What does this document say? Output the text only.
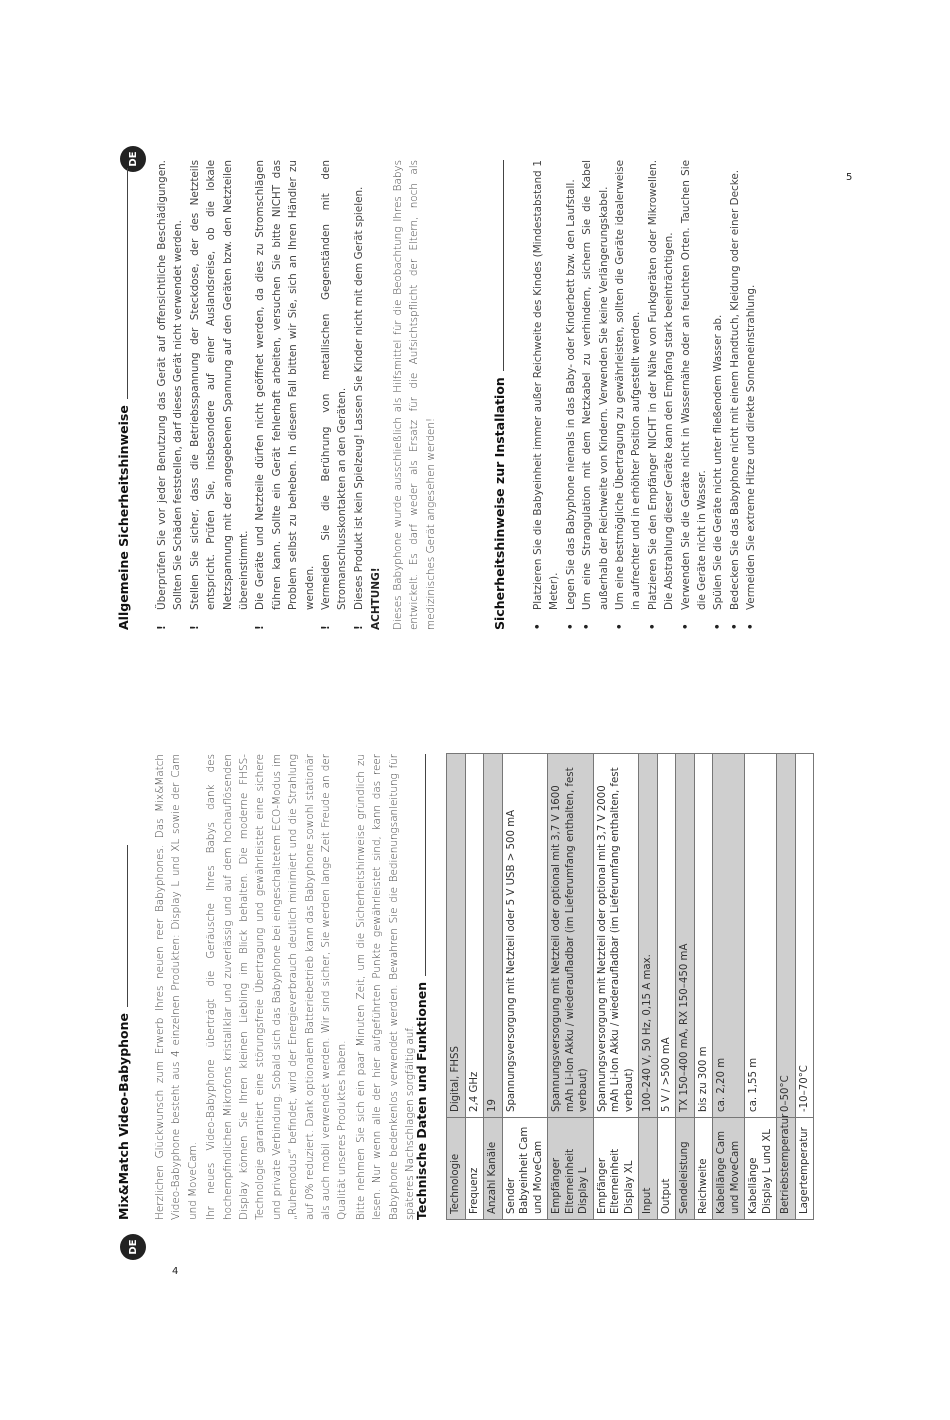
4
5
DE
Mix&Match Video-Babyphone Herzlichen Glückwunsch zum Erwerb Ihres neuen reer Babyphones. Das Mix&Match Video-Babyphone besteht aus 4 einzelnen Produkten: Display L und XL sowie der Cam und MoveCam. Ihr neues Video-Babyphone überträgt die Geräusche Ihres Babys dank des hochempfindlichen Mikrofons kristallklar und zuverlässig und auf dem hochauflösenden Display können Sie Ihren kleinen Liebling im Blick behalten. Die moderne FHSS-Technologie garantiert eine störungsfreie Übertragung und gewährleistet eine sichere und private Verbindung. Sobald sich das Babyphone bei eingeschaltetem ECO-Modus im „Ruhemodus“ befindet, wird der Energieverbrauch deutlich minimiert und die Strahlung auf 0% reduziert. Dank optionalem Batteriebetrieb kann das Babyphone sowohl stationär als auch mobil verwendet werden. Wir sind sicher, Sie werden lange Zeit Freude an der Qualität unseres Produktes haben. Bitte nehmen Sie sich ein paar Minuten Zeit, um die Sicherheitshinweise gründlich zu lesen. Nur wenn alle der hier aufgeführten Punkte gewährleistet sind, kann das reer Babyphone bedenkenlos verwendet werden. Bewahren Sie die Bedienungsanleitung für späteres Nachschlagen sorgfältig auf.

Technische Daten und Funktionen Technologie	Digital, FHSS
Frequenz	2,4 GHz
Anzahl Kanäle	19
Sender Babyeinheit Cam und MoveCam	Spannungsversorgung mit Netzteil oder 5 V USB > 500 mA
Empfänger Elterneinheit Display L	Spannungsversorgung mit Netzteil oder optional mit 3,7 V 1600 mAh Li-Ion Akku / wiederaufladbar (im Lieferumfang enthalten, fest verbaut)
Empfänger Elterneinheit Display XL	Spannungsversorgung mit Netzteil oder optional mit 3,7 V 2000 mAh Li-Ion Akku / wiederaufladbar (im Lieferumfang enthalten, fest verbaut)
Input	100–240 V, 50 Hz, 0,15 A max.
Output	5 V / >500 mA
Sendeleistung	TX 150–400 mA, RX 150–450 mA
Reichweite	bis zu 300 m
Kabellänge Cam und MoveCam	ca. 2,20 m
Kabellänge Display L und XL	ca. 1,55 m
Betriebstemperatur	0–50°C
Lagertemperatur	-10–70°C
DE
Allgemeine Sicherheitshinweise !
Überprüfen Sie vor jeder Benutzung das Gerät auf offensichtliche Beschädigungen. Sollten Sie Schäden feststellen, darf dieses Gerät nicht verwendet werden.
!
Stellen Sie sicher, dass die Betriebsspannung der Steckdose, der des Netzteils entspricht. Prüfen Sie, insbesondere auf einer Auslandsreise, ob die lokale Netzspannung mit der angegebenen Spannung auf den Geräten bzw. den Netzteilen übereinstimmt.
!
Die Geräte und Netzteile dürfen nicht geöffnet werden, da dies zu Stromschlägen führen kann. Sollte ein Gerät fehlerhaft arbeiten, versuchen Sie bitte NICHT das Problem selbst zu beheben. In diesem Fall bitten wir Sie, sich an Ihren Händler zu wenden.
!
Vermeiden Sie die Berührung von metallischen Gegenständen mit den Stromanschlusskontakten an den Geräten.
!
Dieses Produkt ist kein Spielzeug! Lassen Sie Kinder nicht mit dem Gerät spielen. ACHTUNG! Dieses Babyphone wurde ausschließlich als Hilfsmittel für die Beobachtung Ihres Babys entwickelt. Es darf weder als Ersatz für die Aufsichtspflicht der Eltern, noch als medizinisches Gerät angesehen werden!	Sicherheitshinweise zur Installation •
Platzieren Sie die Babyeinheit immer außer Reichweite des Kindes (Mindestabstand 1 Meter).
•
Legen Sie das Babyphone niemals in das Baby- oder Kinderbett bzw. den Laufstall.
•
Um eine Strangulation mit dem Netzkabel zu verhindern, sichern Sie die Kabel außerhalb der Reichweite von Kindern. Verwenden Sie keine Verlängerungskabel.
•
Um eine bestmögliche Übertragung zu gewährleisten, sollten die Geräte idealerweise in aufrechter und in erhöhter Position aufgestellt werden.
•
Platzieren Sie den Empfänger NICHT in der Nähe von Funkgeräten oder Mikrowellen. Die Abstrahlung dieser Geräte kann den Empfang stark beeinträchtigen.
•
Verwenden Sie die Geräte nicht in Wassernähe oder an feuchten Orten. Tauchen Sie die Geräte nicht in Wasser.
•
Spülen Sie die Geräte nicht unter fließendem Wasser ab.
•
Bedecken Sie das Babyphone nicht mit einem Handtuch, Kleidung oder einer Decke.
•
Vermeiden Sie extreme Hitze und direkte Sonneneinstrahlung.
